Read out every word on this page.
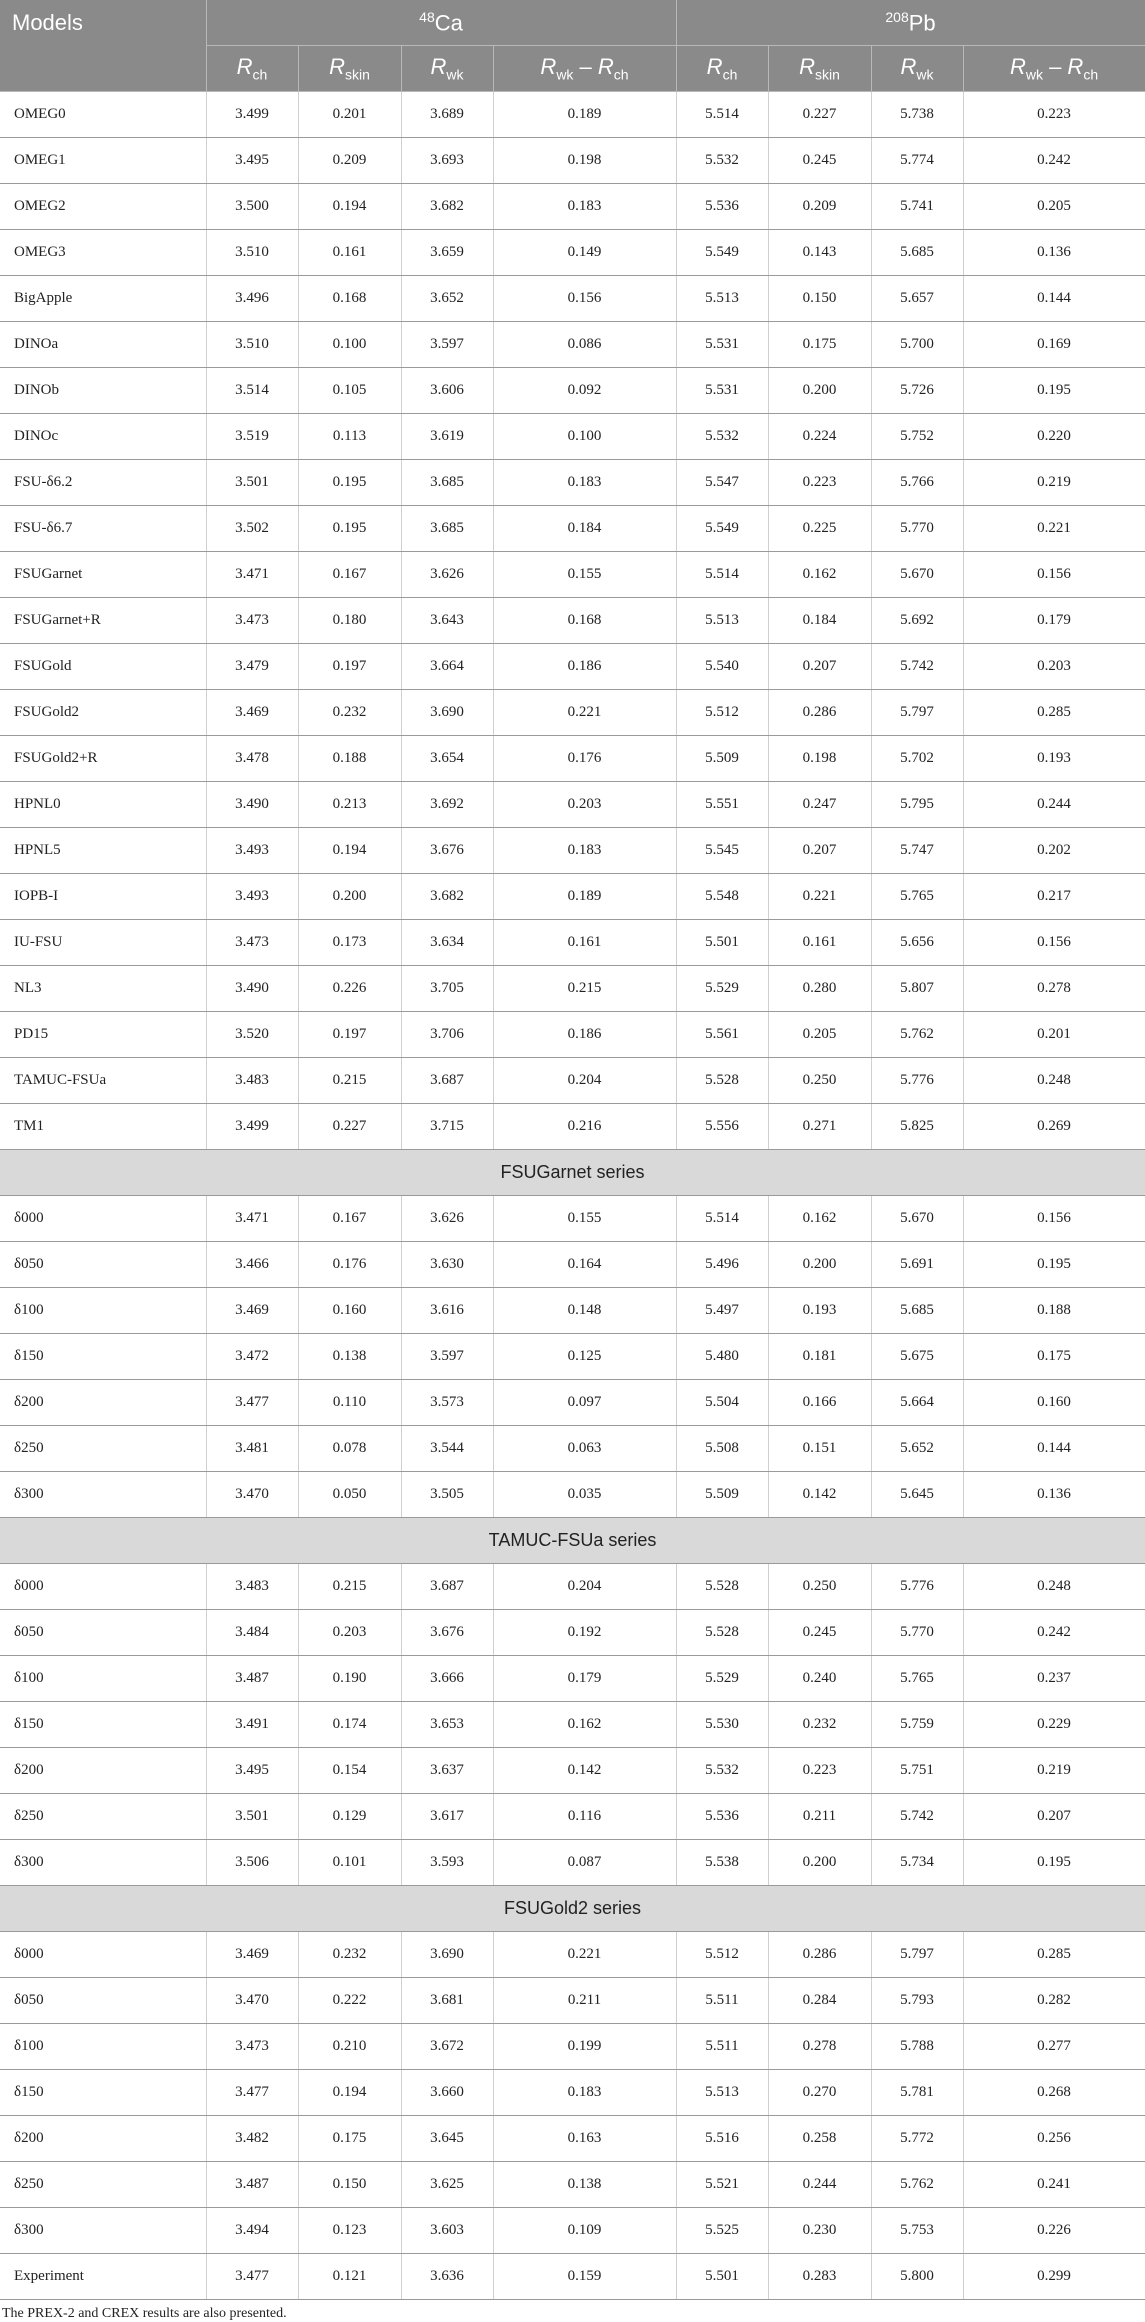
Models	$^{48}$Ca				$^{208}$Pb			
	$R_{ch}$	$R_{skin}$	$R_{wk}$	$R_{wk} - R_{ch}$	$R_{ch}$	$R_{skin}$	$R_{wk}$	$R_{wk} - R_{ch}$
OMEG0	3.499	0.201	3.689	0.189	5.514	0.227	5.738	0.223
OMEG1	3.495	0.209	3.693	0.198	5.532	0.245	5.774	0.242
OMEG2	3.500	0.194	3.682	0.183	5.536	0.209	5.741	0.205
OMEG3	3.510	0.161	3.659	0.149	5.549	0.143	5.685	0.136
BigApple	3.496	0.168	3.652	0.156	5.513	0.150	5.657	0.144
DINOa	3.510	0.100	3.597	0.086	5.531	0.175	5.700	0.169
DINOb	3.514	0.105	3.606	0.092	5.531	0.200	5.726	0.195
DINOc	3.519	0.113	3.619	0.100	5.532	0.224	5.752	0.220
FSU-δ6.2	3.501	0.195	3.685	0.183	5.547	0.223	5.766	0.219
FSU-δ6.7	3.502	0.195	3.685	0.184	5.549	0.225	5.770	0.221
FSUGarnet	3.471	0.167	3.626	0.155	5.514	0.162	5.670	0.156
FSUGarnet+R	3.473	0.180	3.643	0.168	5.513	0.184	5.692	0.179
FSUGold	3.479	0.197	3.664	0.186	5.540	0.207	5.742	0.203
FSUGold2	3.469	0.232	3.690	0.221	5.512	0.286	5.797	0.285
FSUGold2+R	3.478	0.188	3.654	0.176	5.509	0.198	5.702	0.193
HPNL0	3.490	0.213	3.692	0.203	5.551	0.247	5.795	0.244
HPNL5	3.493	0.194	3.676	0.183	5.545	0.207	5.747	0.202
IOPB-I	3.493	0.200	3.682	0.189	5.548	0.221	5.765	0.217
IU-FSU	3.473	0.173	3.634	0.161	5.501	0.161	5.656	0.156
NL3	3.490	0.226	3.705	0.215	5.529	0.280	5.807	0.278
PD15	3.520	0.197	3.706	0.186	5.561	0.205	5.762	0.201
TAMUC-FSUa	3.483	0.215	3.687	0.204	5.528	0.250	5.776	0.248
TM1	3.499	0.227	3.715	0.216	5.556	0.271	5.825	0.269
FSUGarnet series								
δ000	3.471	0.167	3.626	0.155	5.514	0.162	5.670	0.156
δ050	3.466	0.176	3.630	0.164	5.496	0.200	5.691	0.195
δ100	3.469	0.160	3.616	0.148	5.497	0.193	5.685	0.188
δ150	3.472	0.138	3.597	0.125	5.480	0.181	5.675	0.175
δ200	3.477	0.110	3.573	0.097	5.504	0.166	5.664	0.160
δ250	3.481	0.078	3.544	0.063	5.508	0.151	5.652	0.144
δ300	3.470	0.050	3.505	0.035	5.509	0.142	5.645	0.136
TAMUC-FSUa series								
δ000	3.483	0.215	3.687	0.204	5.528	0.250	5.776	0.248
δ050	3.484	0.203	3.676	0.192	5.528	0.245	5.770	0.242
δ100	3.487	0.190	3.666	0.179	5.529	0.240	5.765	0.237
δ150	3.491	0.174	3.653	0.162	5.530	0.232	5.759	0.229
δ200	3.495	0.154	3.637	0.142	5.532	0.223	5.751	0.219
δ250	3.501	0.129	3.617	0.116	5.536	0.211	5.742	0.207
δ300	3.506	0.101	3.593	0.087	5.538	0.200	5.734	0.195
FSUGold2 series								
δ000	3.469	0.232	3.690	0.221	5.512	0.286	5.797	0.285
δ050	3.470	0.222	3.681	0.211	5.511	0.284	5.793	0.282
δ100	3.473	0.210	3.672	0.199	5.511	0.278	5.788	0.277
δ150	3.477	0.194	3.660	0.183	5.513	0.270	5.781	0.268
δ200	3.482	0.175	3.645	0.163	5.516	0.258	5.772	0.256
δ250	3.487	0.150	3.625	0.138	5.521	0.244	5.762	0.241
δ300	3.494	0.123	3.603	0.109	5.525	0.230	5.753	0.226
Experiment	3.477	0.121	3.636	0.159	5.501	0.283	5.800	0.299
The PREX-2 and CREX results are also presented.
